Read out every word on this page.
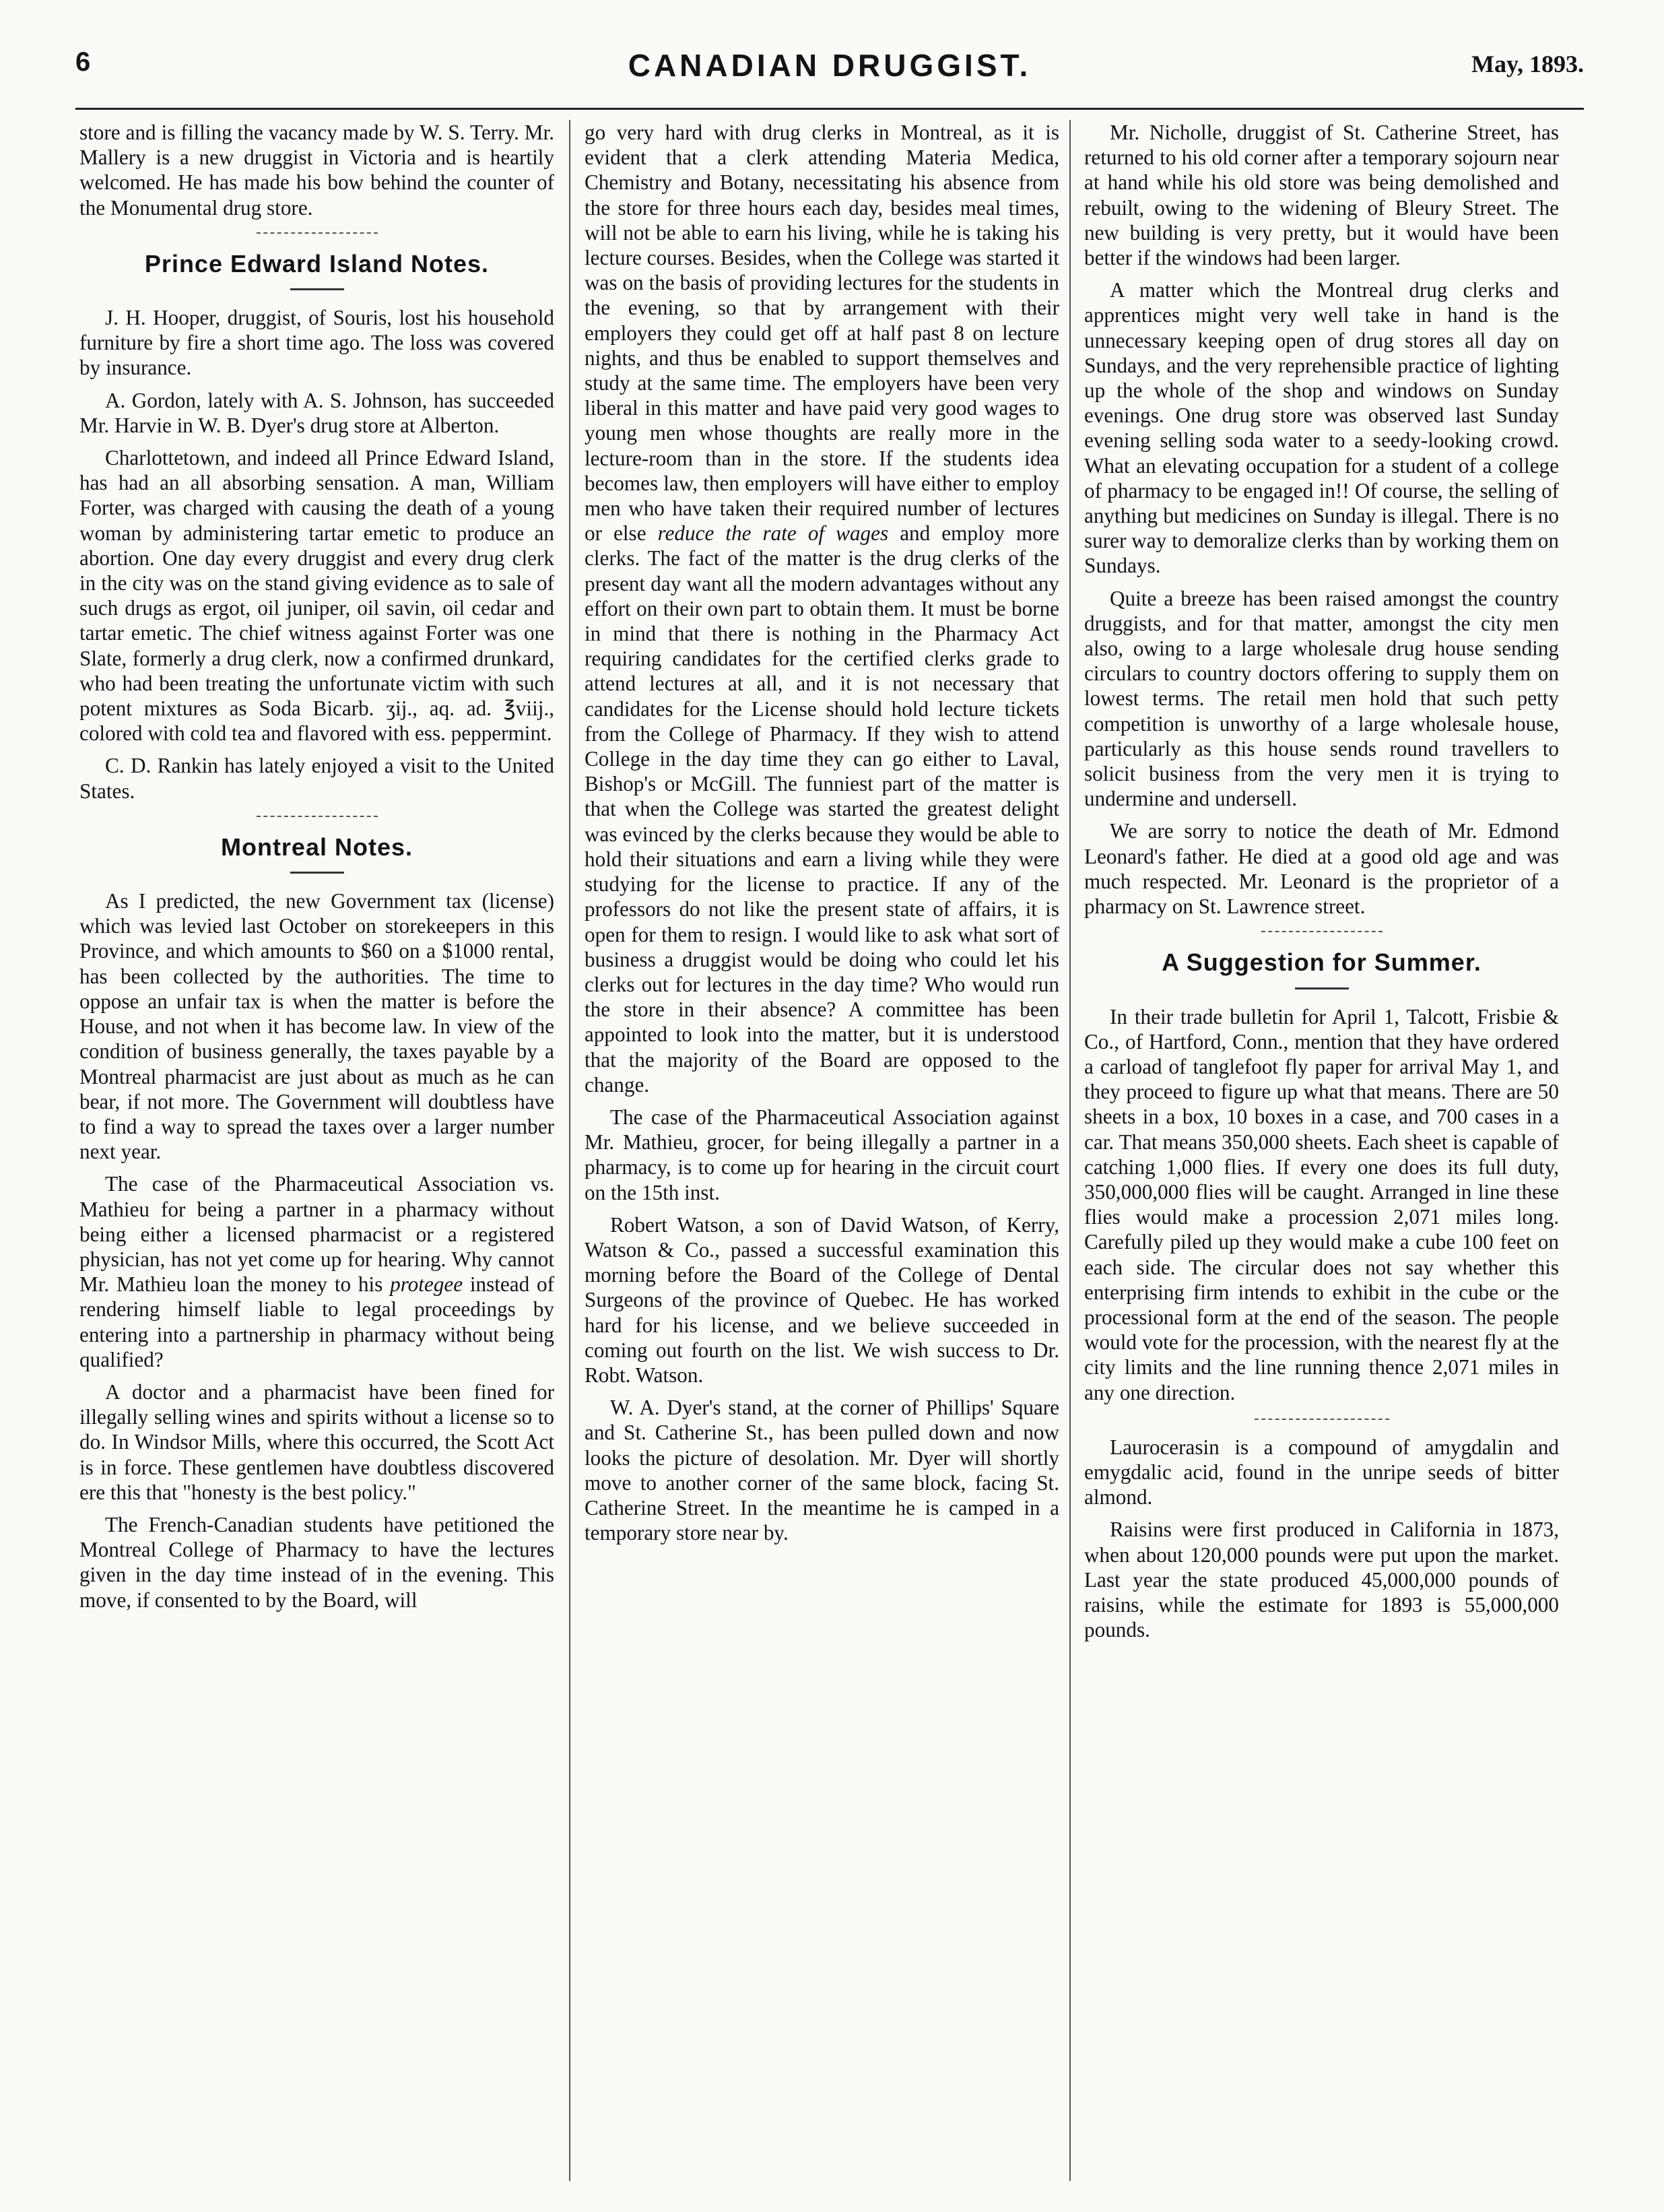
6	CANADIAN DRUGGIST.	May, 1893.

store and is filling the vacancy made by W. S. Terry. Mr. Mallery is a new druggist in Victoria and is heartily welcomed. He has made his bow behind the counter of the Monumental drug store.

Prince Edward Island Notes.

J. H. Hooper, druggist, of Souris, lost his household furniture by fire a short time ago. The loss was covered by insurance.

A. Gordon, lately with A. S. Johnson, has succeeded Mr. Harvie in W. B. Dyer's drug store at Alberton.

Charlottetown, and indeed all Prince Edward Island, has had an all absorbing sensation. A man, William Forter, was charged with causing the death of a young woman by administering tartar emetic to produce an abortion. One day every druggist and every drug clerk in the city was on the stand giving evidence as to sale of such drugs as ergot, oil juniper, oil savin, oil cedar and tartar emetic. The chief witness against Forter was one Slate, formerly a drug clerk, now a confirmed drunkard, who had been treating the unfortunate victim with such potent mixtures as Soda Bicarb. ʒij., aq. ad. ℥viij., colored with cold tea and flavored with ess. peppermint.

C. D. Rankin has lately enjoyed a visit to the United States.

Montreal Notes.

As I predicted, the new Government tax (license) which was levied last October on storekeepers in this Province, and which amounts to $60 on a $1000 rental, has been collected by the authorities. The time to oppose an unfair tax is when the matter is before the House, and not when it has become law. In view of the condition of business generally, the taxes payable by a Montreal pharmacist are just about as much as he can bear, if not more. The Government will doubtless have to find a way to spread the taxes over a larger number next year.

The case of the Pharmaceutical Association vs. Mathieu for being a partner in a pharmacy without being either a licensed pharmacist or a registered physician, has not yet come up for hearing. Why cannot Mr. Mathieu loan the money to his protegee instead of rendering himself liable to legal proceedings by entering into a partnership in pharmacy without being qualified?

A doctor and a pharmacist have been fined for illegally selling wines and spirits without a license so to do. In Windsor Mills, where this occurred, the Scott Act is in force. These gentlemen have doubtless discovered ere this that "honesty is the best policy."

The French-Canadian students have petitioned the Montreal College of Pharmacy to have the lectures given in the day time instead of in the evening. This move, if consented to by the Board, will

go very hard with drug clerks in Montreal, as it is evident that a clerk attending Materia Medica, Chemistry and Botany, necessitating his absence from the store for three hours each day, besides meal times, will not be able to earn his living, while he is taking his lecture courses. Besides, when the College was started it was on the basis of providing lectures for the students in the evening, so that by arrangement with their employers they could get off at half past 8 on lecture nights, and thus be enabled to support themselves and study at the same time. The employers have been very liberal in this matter and have paid very good wages to young men whose thoughts are really more in the lecture-room than in the store. If the students idea becomes law, then employers will have either to employ men who have taken their required number of lectures or else reduce the rate of wages and employ more clerks. The fact of the matter is the drug clerks of the present day want all the modern advantages without any effort on their own part to obtain them. It must be borne in mind that there is nothing in the Pharmacy Act requiring candidates for the certified clerks grade to attend lectures at all, and it is not necessary that candidates for the License should hold lecture tickets from the College of Pharmacy. If they wish to attend College in the day time they can go either to Laval, Bishop's or McGill. The funniest part of the matter is that when the College was started the greatest delight was evinced by the clerks because they would be able to hold their situations and earn a living while they were studying for the license to practice. If any of the professors do not like the present state of affairs, it is open for them to resign. I would like to ask what sort of business a druggist would be doing who could let his clerks out for lectures in the day time? Who would run the store in their absence? A committee has been appointed to look into the matter, but it is understood that the majority of the Board are opposed to the change.

The case of the Pharmaceutical Association against Mr. Mathieu, grocer, for being illegally a partner in a pharmacy, is to come up for hearing in the circuit court on the 15th inst.

Robert Watson, a son of David Watson, of Kerry, Watson & Co., passed a successful examination this morning before the Board of the College of Dental Surgeons of the province of Quebec. He has worked hard for his license, and we believe succeeded in coming out fourth on the list. We wish success to Dr. Robt. Watson.

W. A. Dyer's stand, at the corner of Phillips' Square and St. Catherine St., has been pulled down and now looks the picture of desolation. Mr. Dyer will shortly move to another corner of the same block, facing St. Catherine Street. In the meantime he is camped in a temporary store near by.

Mr. Nicholle, druggist of St. Catherine Street, has returned to his old corner after a temporary sojourn near at hand while his old store was being demolished and rebuilt, owing to the widening of Bleury Street. The new building is very pretty, but it would have been better if the windows had been larger.

A matter which the Montreal drug clerks and apprentices might very well take in hand is the unnecessary keeping open of drug stores all day on Sundays, and the very reprehensible practice of lighting up the whole of the shop and windows on Sunday evenings. One drug store was observed last Sunday evening selling soda water to a seedy-looking crowd. What an elevating occupation for a student of a college of pharmacy to be engaged in!! Of course, the selling of anything but medicines on Sunday is illegal. There is no surer way to demoralize clerks than by working them on Sundays.

Quite a breeze has been raised amongst the country druggists, and for that matter, amongst the city men also, owing to a large wholesale drug house sending circulars to country doctors offering to supply them on lowest terms. The retail men hold that such petty competition is unworthy of a large wholesale house, particularly as this house sends round travellers to solicit business from the very men it is trying to undermine and undersell.

We are sorry to notice the death of Mr. Edmond Leonard's father. He died at a good old age and was much respected. Mr. Leonard is the proprietor of a pharmacy on St. Lawrence street.

A Suggestion for Summer.

In their trade bulletin for April 1, Talcott, Frisbie & Co., of Hartford, Conn., mention that they have ordered a carload of tanglefoot fly paper for arrival May 1, and they proceed to figure up what that means. There are 50 sheets in a box, 10 boxes in a case, and 700 cases in a car. That means 350,000 sheets. Each sheet is capable of catching 1,000 flies. If every one does its full duty, 350,000,000 flies will be caught. Arranged in line these flies would make a procession 2,071 miles long. Carefully piled up they would make a cube 100 feet on each side. The circular does not say whether this enterprising firm intends to exhibit in the cube or the processional form at the end of the season. The people would vote for the procession, with the nearest fly at the city limits and the line running thence 2,071 miles in any one direction.

Laurocerasin is a compound of amygdalin and emygdalic acid, found in the unripe seeds of bitter almond.

Raisins were first produced in California in 1873, when about 120,000 pounds were put upon the market. Last year the state produced 45,000,000 pounds of raisins, while the estimate for 1893 is 55,000,000 pounds.
